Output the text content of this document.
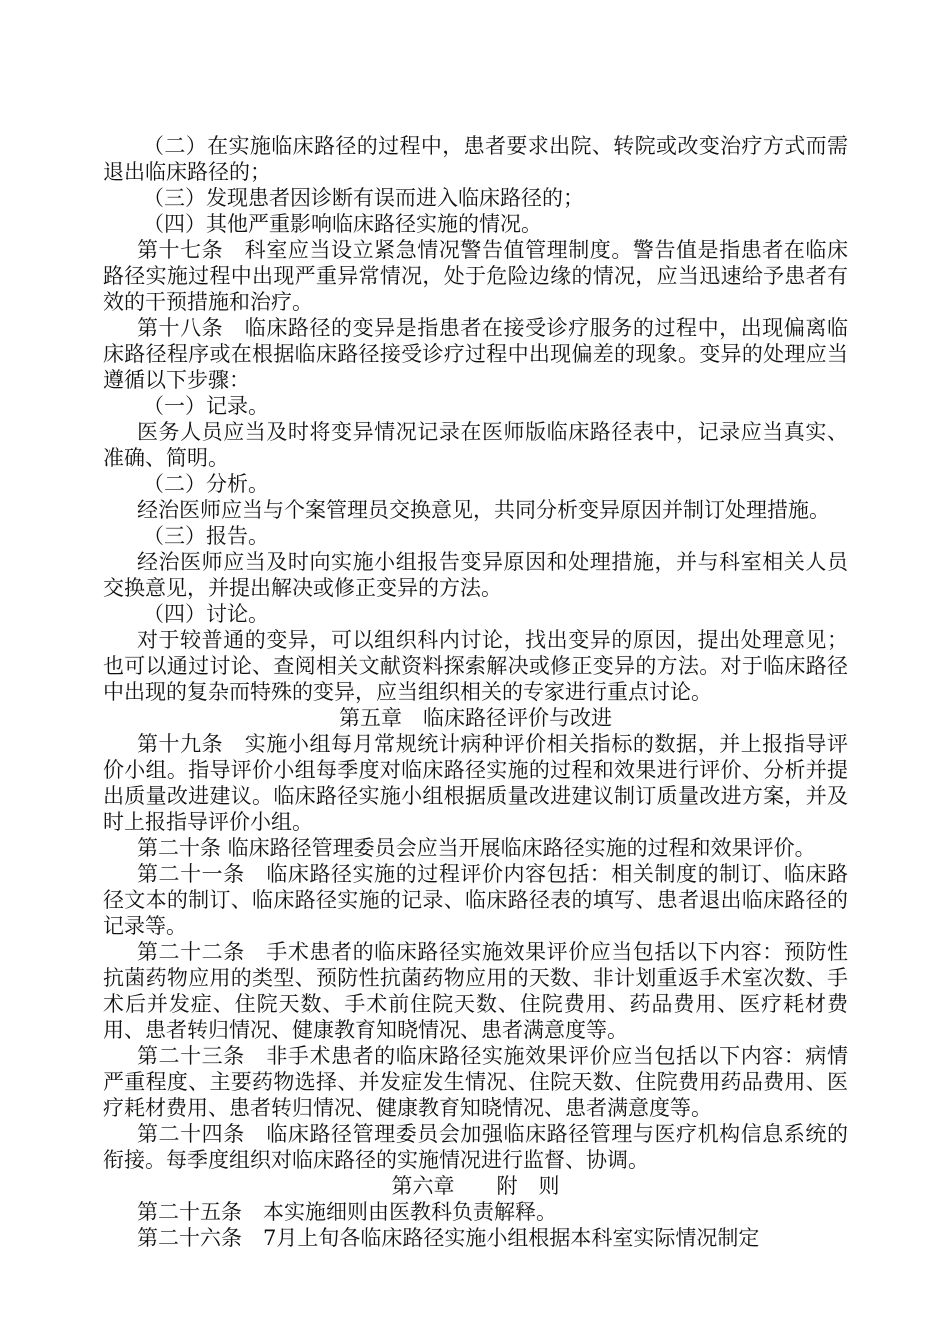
（二）在实施临床路径的过程中，患者要求出院、转院或改变治疗方式而需退出临床路径的；

（三）发现患者因诊断有误而进入临床路径的；

（四）其他严重影响临床路径实施的情况。

第十七条　科室应当设立紧急情况警告值管理制度。警告值是指患者在临床路径实施过程中出现严重异常情况，处于危险边缘的情况，应当迅速给予患者有效的干预措施和治疗。

第十八条　临床路径的变异是指患者在接受诊疗服务的过程中，出现偏离临床路径程序或在根据临床路径接受诊疗过程中出现偏差的现象。变异的处理应当遵循以下步骤：

（一）记录。

医务人员应当及时将变异情况记录在医师版临床路径表中，记录应当真实、准确、简明。

（二）分析。

经治医师应当与个案管理员交换意见，共同分析变异原因并制订处理措施。

（三）报告。

经治医师应当及时向实施小组报告变异原因和处理措施，并与科室相关人员交换意见，并提出解决或修正变异的方法。

（四）讨论。

对于较普通的变异，可以组织科内讨论，找出变异的原因，提出处理意见；也可以通过讨论、查阅相关文献资料探索解决或修正变异的方法。对于临床路径中出现的复杂而特殊的变异，应当组织相关的专家进行重点讨论。

第五章　临床路径评价与改进

第十九条　实施小组每月常规统计病种评价相关指标的数据，并上报指导评价小组。指导评价小组每季度对临床路径实施的过程和效果进行评价、分析并提出质量改进建议。临床路径实施小组根据质量改进建议制订质量改进方案，并及时上报指导评价小组。

第二十条 临床路径管理委员会应当开展临床路径实施的过程和效果评价。

第二十一条　临床路径实施的过程评价内容包括：相关制度的制订、临床路径文本的制订、临床路径实施的记录、临床路径表的填写、患者退出临床路径的记录等。

第二十二条　手术患者的临床路径实施效果评价应当包括以下内容：预防性抗菌药物应用的类型、预防性抗菌药物应用的天数、非计划重返手术室次数、手术后并发症、住院天数、手术前住院天数、住院费用、药品费用、医疗耗材费用、患者转归情况、健康教育知晓情况、患者满意度等。

第二十三条　非手术患者的临床路径实施效果评价应当包括以下内容：病情严重程度、主要药物选择、并发症发生情况、住院天数、住院费用药品费用、医疗耗材费用、患者转归情况、健康教育知晓情况、患者满意度等。

第二十四条　临床路径管理委员会加强临床路径管理与医疗机构信息系统的衔接。每季度组织对临床路径的实施情况进行监督、协调。

第六章　　附　则

第二十五条　本实施细则由医教科负责解释。

第二十六条　7月上旬各临床路径实施小组根据本科室实际情况制定
